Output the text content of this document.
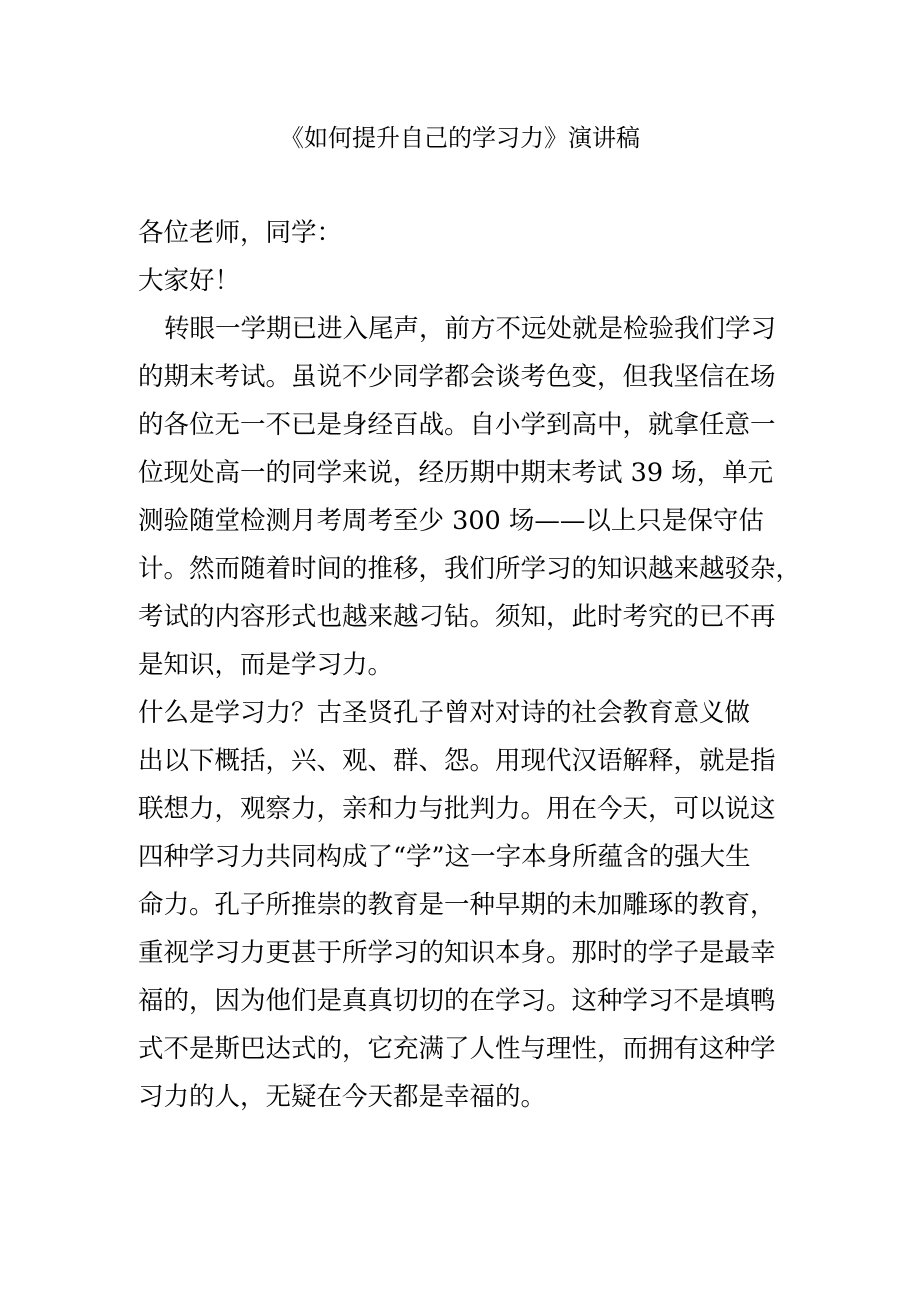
《如何提升自己的学习力》演讲稿
各位老师，同学：
大家好！
转眼一学期已进入尾声，前方不远处就是检验我们学习
的期末考试。虽说不少同学都会谈考色变，但我坚信在场
的各位无一不已是身经百战。自小学到高中，就拿任意一
位现处高一的同学来说，经历期中期末考试 39 场，单元
测验随堂检测月考周考至少 300 场——以上只是保守估
计。然而随着时间的推移，我们所学习的知识越来越驳杂，
考试的内容形式也越来越刁钻。须知，此时考究的已不再
是知识，而是学习力。
什么是学习力？古圣贤孔子曾对对诗的社会教育意义做
出以下概括，兴、观、群、怨。用现代汉语解释，就是指
联想力，观察力，亲和力与批判力。用在今天，可以说这
四种学习力共同构成了“学”这一字本身所蕴含的强大生
命力。孔子所推崇的教育是一种早期的未加雕琢的教育，
重视学习力更甚于所学习的知识本身。那时的学子是最幸
福的，因为他们是真真切切的在学习。这种学习不是填鸭
式不是斯巴达式的，它充满了人性与理性，而拥有这种学
习力的人，无疑在今天都是幸福的。
